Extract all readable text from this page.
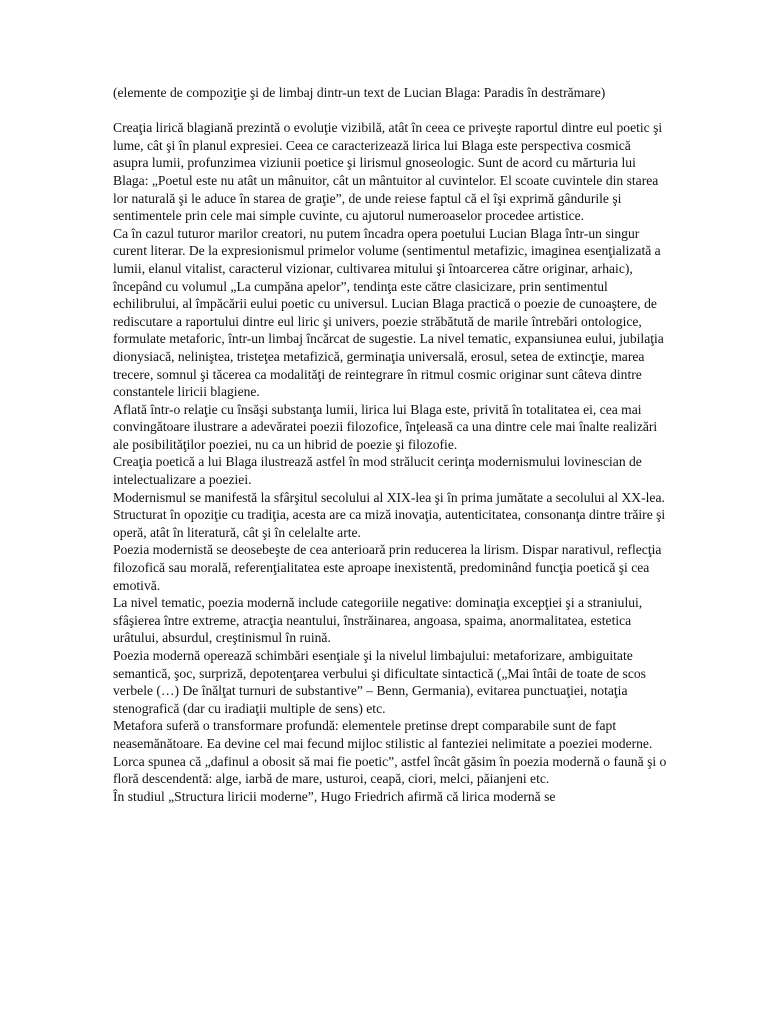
(elemente de compoziţie şi de limbaj dintr-un text de Lucian Blaga: Paradis în destrămare)

Creaţia lirică blagiană prezintă o evoluţie vizibilă, atât în ceea ce priveşte raportul dintre eul poetic şi lume, cât şi în planul expresiei. Ceea ce caracterizează lirica lui Blaga este perspectiva cosmică asupra lumii, profunzimea viziunii poetice şi lirismul gnoseologic. Sunt de acord cu mărturia lui Blaga: „Poetul este nu atât un mânuitor, cât un mântuitor al cuvintelor. El scoate cuvintele din starea lor naturală şi le aduce în starea de graţie”, de unde reiese faptul că el îşi exprimă gândurile şi sentimentele prin cele mai simple cuvinte, cu ajutorul numeroaselor procedee artistice.

Ca în cazul tuturor marilor creatori, nu putem încadra opera poetului Lucian Blaga într-un singur curent literar. De la expresionismul primelor volume (sentimentul metafizic, imaginea esenţializată a lumii, elanul vitalist, caracterul vizionar, cultivarea mitului şi întoarcerea către originar, arhaic), începând cu volumul „La cumpăna apelor”, tendinţa este către clasicizare, prin sentimentul echilibrului, al împăcării eului poetic cu universul. Lucian Blaga practică o poezie de cunoaştere, de rediscutare a raportului dintre eul liric şi univers, poezie străbătută de marile întrebări ontologice, formulate metaforic, într-un limbaj încărcat de sugestie. La nivel tematic, expansiunea eului, jubilaţia dionysiacă, neliniştea, tristeţea metafizică, germinaţia universală, erosul, setea de extincţie, marea trecere, somnul şi tăcerea ca modalităţi de reintegrare în ritmul cosmic originar sunt câteva dintre constantele liricii blagiene.

Aflată într-o relaţie cu însăşi substanţa lumii, lirica lui Blaga este, privită în totalitatea ei, cea mai convingătoare ilustrare a adevăratei poezii filozofice, înţeleasă ca una dintre cele mai înalte realizări ale posibilităţilor poeziei, nu ca un hibrid de poezie şi filozofie.

Creaţia poetică a lui Blaga ilustrează astfel în mod strălucit cerinţa modernismului lovinescian de intelectualizare a poeziei.

Modernismul se manifestă la sfârşitul secolului al XIX-lea şi în prima jumătate a secolului al XX-lea. Structurat în opoziţie cu tradiţia, acesta are ca miză inovaţia, autenticitatea, consonanţa dintre trăire şi operă, atât în literatură, cât şi în celelalte arte.

Poezia modernistă se deosebeşte de cea anterioară prin reducerea la lirism. Dispar narativul, reflecţia filozofică sau morală, referenţialitatea este aproape inexistentă, predominând funcţia poetică şi cea emotivă.

La nivel tematic, poezia modernă include categoriile negative: dominaţia excepţiei şi a straniului, sfâşierea între extreme, atracţia neantului, înstrăinarea, angoasa, spaima, anormalitatea, estetica urâtului, absurdul, creştinismul în ruină.

Poezia modernă operează schimbări esenţiale şi la nivelul limbajului: metaforizare, ambiguitate semantică, şoc, surpriză, depotenţarea verbului şi dificultate sintactică („Mai întâi de toate de scos verbele (…) De înălţat turnuri de substantive” – Benn, Germania), evitarea punctuaţiei, notaţia stenografică (dar cu iradiaţii multiple de sens) etc.

Metafora suferă o transformare profundă: elementele pretinse drept comparabile sunt de fapt neasemănătoare. Ea devine cel mai fecund mijloc stilistic al fanteziei nelimitate a poeziei moderne.

Lorca spunea că „dafinul a obosit să mai fie poetic”, astfel încât găsim în poezia modernă o faună şi o floră descendentă: alge, iarbă de mare, usturoi, ceapă, ciori, melci, păianjeni etc.

În studiul „Structura liricii moderne”, Hugo Friedrich afirmă că lirica modernă se
